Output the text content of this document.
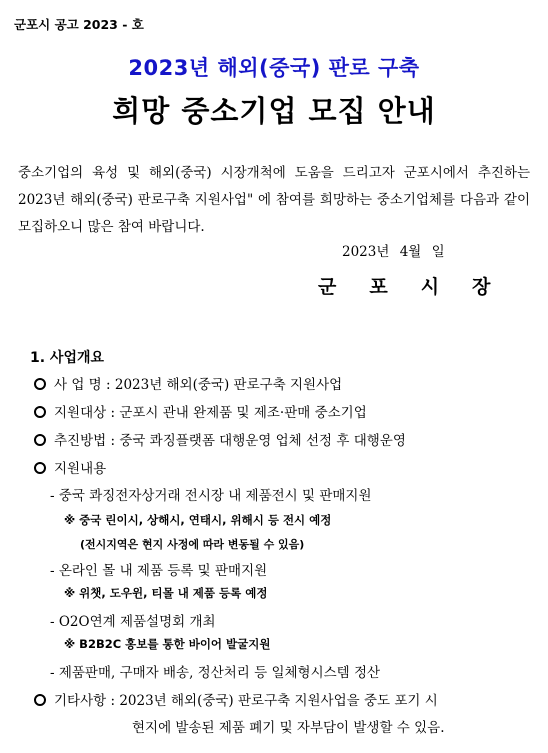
군포시 공고 2023 - 호
2023년 해외(중국) 판로 구축
희망 중소기업 모집 안내
중소기업의 육성 및 해외(중국) 시장개척에 도움을 드리고자 군포시에서 추진하는 2023년 해외(중국) 판로구축 지원사업" 에 참여를 희망하는 중소기업체를 다음과 같이 모집하오니 많은 참여 바랍니다.
2023년 4월 일
군포시장
1. 사업개요
사 업 명 : 2023년 해외(중국) 판로구축 지원사업
지원대상 : 군포시 관내 완제품 및 제조·판매 중소기업
추진방법 : 중국 콰징플랫폼 대행운영 업체 선정 후 대행운영
지원내용
- 중국 콰징전자상거래 전시장 내 제품전시 및 판매지원
※ 중국 린이시, 상해시, 연태시, 위해시 등 전시 예정
(전시지역은 현지 사정에 따라 변동될 수 있음)
- 온라인 몰 내 제품 등록 및 판매지원
※ 위챗, 도우윈, 티몰 내 제품 등록 예정
- O2O연계 제품설명회 개최
※ B2B2C 홍보를 통한 바이어 발굴지원
- 제품판매, 구매자 배송, 정산처리 등 일체형시스템 정산
기타사항 : 2023년 해외(중국) 판로구축 지원사업을 중도 포기 시
현지에 발송된 제품 폐기 및 자부담이 발생할 수 있음.
